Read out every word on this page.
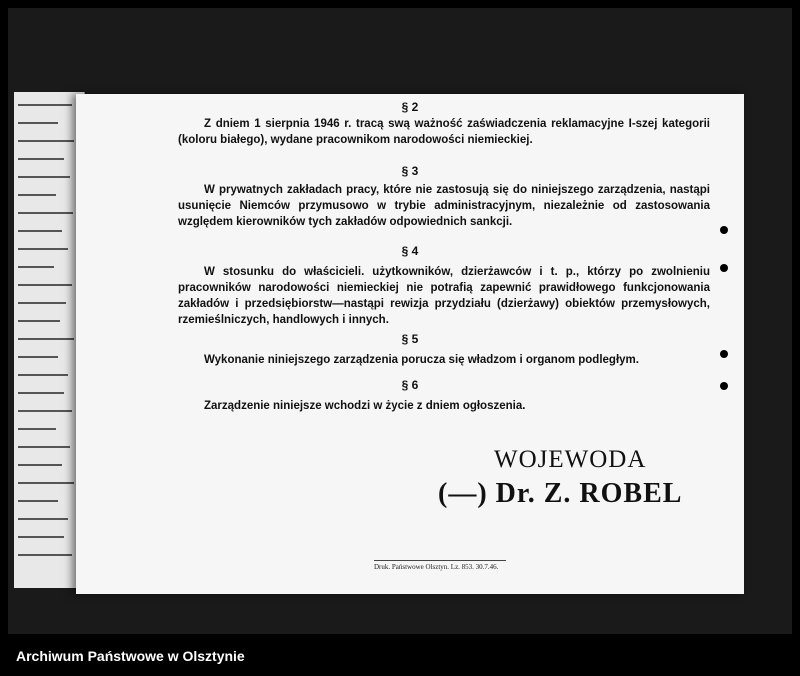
§ 2
Z dniem 1 sierpnia 1946 r. tracą swą ważność zaświadczenia reklamacyjne I-szej kategorii (koloru białego), wydane pracownikom narodowości niemieckiej.
§ 3
W prywatnych zakładach pracy, które nie zastosują się do niniejszego zarządzenia, nastąpi usunięcie Niemców przymusowo w trybie administracyjnym, niezależnie od zastosowania względem kierowników tych zakładów odpowiednich sankcji.
§ 4
W stosunku do właścicieli. użytkowników, dzierżawców i t. p., którzy po zwolnieniu pracowników narodowości niemieckiej nie potrafią zapewnić prawidłowego funkcjonowania zakładów i przedsiębiorstw—nastąpi rewizja przydziału (dzierżawy) obiektów przemysłowych, rzemieślniczych, handlowych i innych.
§ 5
Wykonanie niniejszego zarządzenia porucza się władzom i organom podległym.
§ 6
Zarządzenie niniejsze wchodzi w życie z dniem ogłoszenia.
WOJEWODA
(—) Dr. Z. ROBEL
Druk. Państwowe Olsztyn. Lz. 853. 30.7.46.
Archiwum Państwowe w Olsztynie
